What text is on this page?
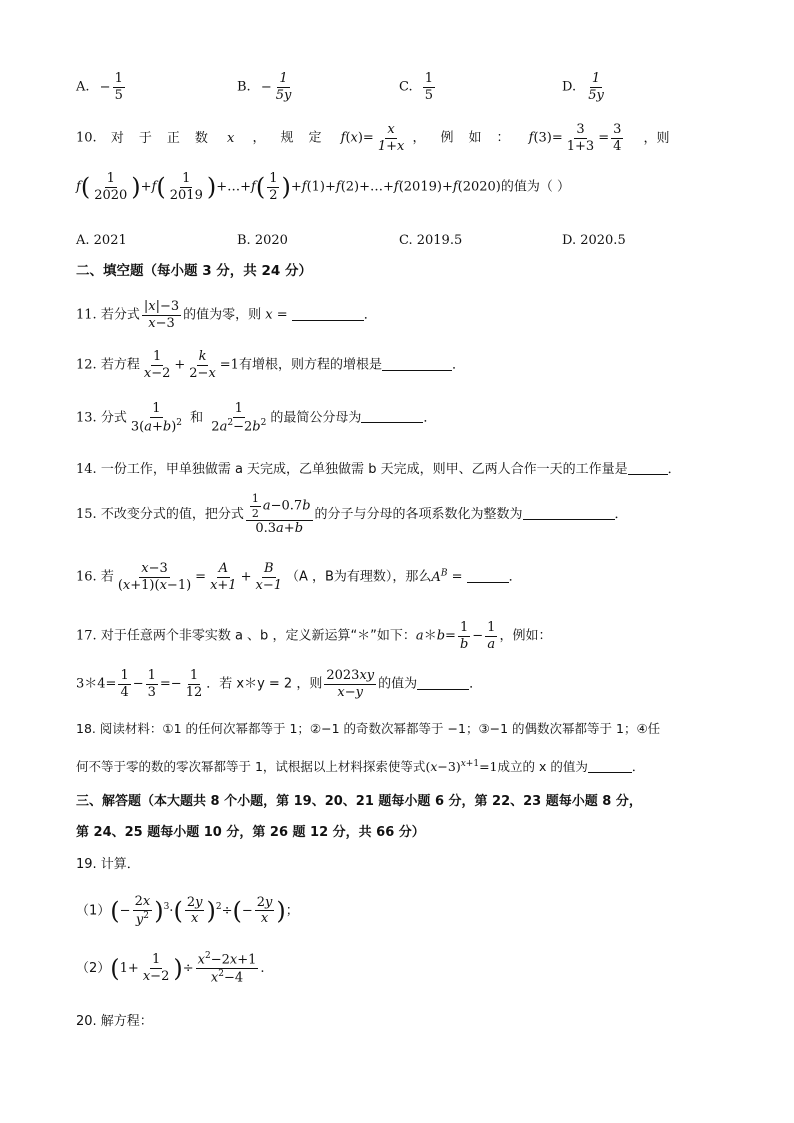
A. − $\frac{1}{5}$	B. − $\frac{1}{5y}$	C. $\frac{1}{5}$	D. $\frac{1}{5y}$
10. 对于正数 x ，规定 $f(x)= \frac{x}{1+x}$ ，例如： $f(3)= \frac{3}{1+3} = \frac{3}{4}$ ，则
$f( \frac{1}{2020} )+f( \frac{1}{2019}$ )+…+f( $\frac{1}{2}$ )+f(1)+f(2)+…+f(2019)+f(2020)的值为（ ）
A. 2021	B. 2020	C. 2019.5	D. 2020.5
二、填空题（每小题 3 分，共 24 分）
11. 若分式 $\frac{|x|-3}{x-3}$ 的值为零，则 x =	．
12. 若方程 $\frac{1}{x-2} + \frac{k}{2-x} =1$有增根，则方程的增根是	．
13. 分式 $\frac{1}{3(a+b)^2}$ 和 $\frac{1}{2a^2-2b^2}$ 的最简公分母为	．
14. 一份工作，甲单独做需 a 天完成，乙单独做需 b 天完成，则甲、乙两人合作一天的工作量是	．
15. 不改变分式的值，把分式 $\frac{\frac{1}{2} a-0.7b}{0.3a+b}$ 的分子与分母的各项系数化为整数为	．
16. 若 $\frac{x-3}{(x+1)(x-1)} = \frac{A}{x+1} + \frac{B}{x-1} (A$ ，B为有理数），那么$A^B$ =	．
17. 对于任意两个非零实数 a 、b ，定义新运算“＊”如下：a＊b= $\frac{1}{b} - \frac{1}{a}$ ，例如：
3＊4= $\frac{1}{4} - \frac{1}{3} =- \frac{1}{12}$ ．若 x＊y = 2 ，则 $\frac{2023xy}{x-y}$ 的值为	．
18. 阅读材料：①1 的任何次幂都等于 1；②−1 的奇数次幂都等于 −1；③−1 的偶数次幂都等于 1；④任
何不等于零的数的零次幂都等于 1，试根据以上材料探索使等式$(x-3)^{x+1}=1$成立的 x 的值为	．
三、解答题（本大题共 8 个小题，第 19、20、21 题每小题 6 分，第 22、23 题每小题 8 分，
第 24、25 题每小题 10 分，第 26 题 12 分，共 66 分）
19. 计算．
$(1)(- \frac{2x}{y^2} )^3\cdot( \frac{2y}{x} )^2\div(- \frac{2y}{x}$ )；
$(2)(1+ \frac{1}{x-2}$ )÷ $\frac{x^2-2x+1}{x^2-4}$ .
20. 解方程：
